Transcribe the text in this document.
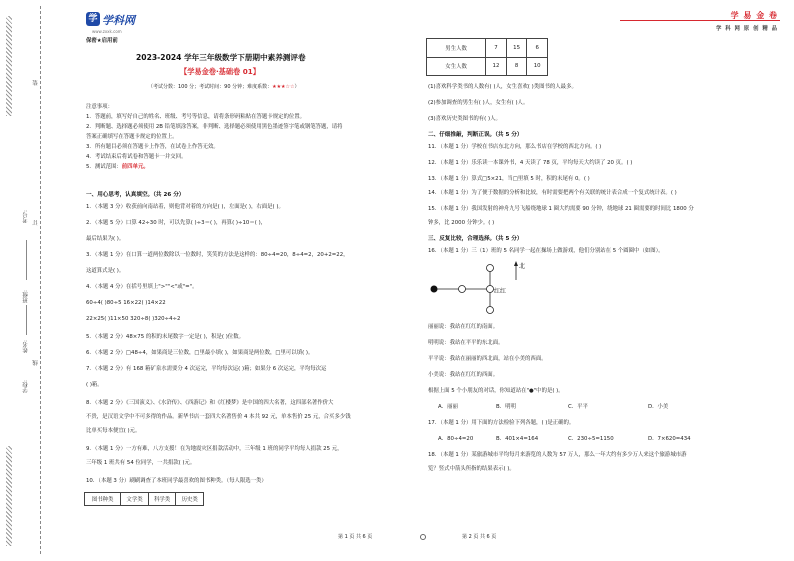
装
订
线
考号:
班级:
姓名:
学校:
学 学科网
www.zxxk.com
保密★启用前
2023-2024 学年三年级数学下册期中素养测评卷
【学易金卷·基础卷 01】
（考试分数：100 分；考试时间：90 分钟；难度系数：★★★☆☆）
学 易 金 卷
学 科 网 原 创 精 品
注意事项：
1．答题前，填写好自己的姓名、班级、考号等信息，请将条形码粘贴在答题卡规定的位置。
2．判断题、选择题必须使用 2B 铅笔填涂答案，非判断、选择题必须使用黑色墨迹签字笔或钢笔答题，请将
答案正确填写在答题卡规定的位置上。
3．所有题目必须在答题卡上作答，在试卷上作答无效。
4．考试结束后将试卷和答题卡一并交回。
5．测试范围：前四单元。
一、用心思考，认真填空。（共 26 分）
1．（本题 3 分）收获前向南站着，则他背对着的方向是( )，左面是( )，右面是( )。
2．（本题 5 分）口算 42÷30 时，可以先算( )÷3＝( )，再算( )÷10＝( )，
最后结果为( )。
3．（本题 1 分）在口算一道两位数除以一位数时，笑笑的方法是这样的：80÷4=20，8÷4=2，20+2=22，
这道算式是( )。
4．（本题 4 分）在括号里填上">""<"或"="。
60÷4( )80÷5 16×22( )14×22
22×25( )11×50 320÷8( )320÷4÷2
5．（本题 2 分）48×75 的积的末尾数字一定是( )，积是( )位数。
6．（本题 2 分）□48÷4，如果商是三位数，□里最小填( )，如果商是两位数，□里可以填( )。
7．（本题 2 分）有 168 箱矿泉水需要分 4 次运完，平均每次运( )箱；如果分 6 次运完，平均每次运
( )箱。
8．（本题 2 分）《三国演义》、《水浒传》、《西游记》和《红楼梦》是中国的四大名著，这四部名著作价大
不贵，是汉语文学中不可多得的作品。新华书店一套四大名著售价 4 本共 92 元，单本售价 25 元，合买多少钱
比单买每本便宜( )元。
9．（本题 1 分）一方有难，八方支援！在为地震灾区捐款活动中，三年级 1 班的同学平均每人捐款 25 元，
三年级 1 班共有 54 位同学，一共捐款( )元。
10．（本题 3 分）刷刷调查了本班同学最喜欢的图书种类。（每人限选一类）
图书种类	文学类	科学类	历史类
第 1 页 共 6 页	第 2 页 共 6 页
男生人数	7	15	6
女生人数	12	8	10
(1)喜欢科学类书的人数有( )人，女生喜欢( )类图书的人最多。
(2)参加调查的男生有( )人，女生有( )人。
(3)喜欢历史类图书的有( )人。
二、仔细推敲，判断正误。（共 5 分）
11．（本题 1 分）学校在书店东北方向，那么书店在学校的西北方向。( )
12．（本题 1 分）乐乐读一本课外书，4 天读了 78 页，平均每天大约读了 20 页。( )
13．（本题 1 分）算式□5×21，当□里填 5 时，积的末尾有 0。( )
14．（本题 1 分）为了便于数据的分析和比较，有时需要把两个有关联的统计表合成一个复式统计表。( )
15．（本题 1 分）我国发射的神舟九号飞船绕地球 1 圈大约需要 90 分钟，绕地球 21 圈需要的时间比 1800 分
钟多，比 2000 分钟少。( )
三、反复比较，合理选择。（共 5 分）
16．（本题 1 分）三（1）班的 5 名同学一起在操场上做游戏，他们分别站在 5 个圆圈中（如图）。
北
红红
丽丽说：我站在红红的南面。
明明说：我站在平平的东北面。
平平说：我站在丽丽的西北面，站在小美的西面。
小美说：我站在红红的西面。
根据上面 5 个小朋友的对话，你知道站在"●"中的是( )。
A．丽丽	B．明明	C．平平	D．小美
17．（本题 1 分）用下面的方法检验下列各题，( )是正确的。
A．80÷4=20	B．401×4=164	C．230÷5=1150	D．7×620=434
18．（本题 1 分）某旅游城市平均每月来游览的人数为 57 万人，那么一年大约有多少万人来这个旅游城市游
览？竖式中箭头所指的结果表示( )。
